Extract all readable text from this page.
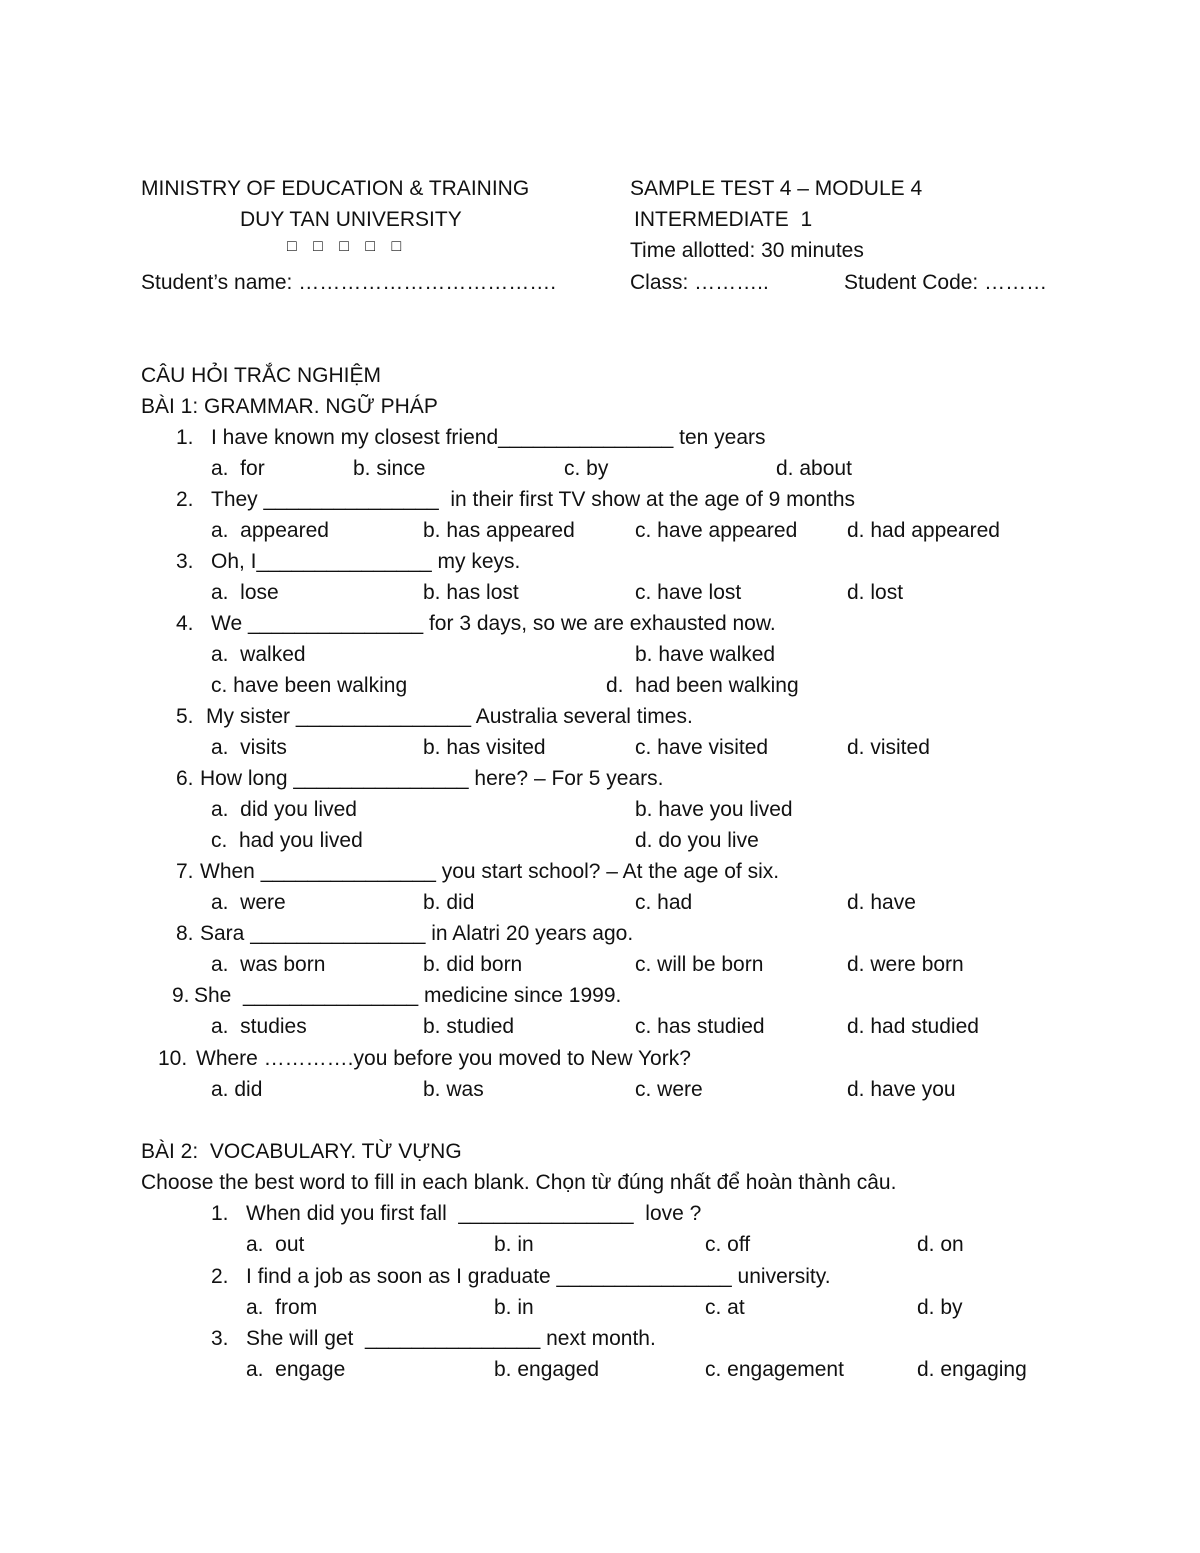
MINISTRY OF EDUCATION & TRAINING
DUY TAN UNIVERSITY
□ □ □ □ □
SAMPLE TEST 4 – MODULE 4
INTERMEDIATE  1
Time allotted: 30 minutes
Student’s name: ……………………………….	Class: ………..	Student Code: ………
CÂU HỎI TRẮC NGHIỆM
BÀI 1: GRAMMAR. NGỮ PHÁP
1. I have known my closest friend_______________ ten years
a.  for	b. since	c. by	d. about
2. They _______________  in their first TV show at the age of 9 months
a.  appeared	b. has appeared	c. have appeared d. had appeared
3. Oh, I_______________ my keys.
a.  lose	b. has lost	c. have lost	d. lost
4. We _______________ for 3 days, so we are exhausted now.
a.  walked	b. have walked
c. have been walking	d.  had been walking
5. My sister _______________ Australia several times.
a.  visits	b. has visited	c. have visited	d. visited
6. How long _______________ here? – For 5 years.
a.  did you lived	b. have you lived
c.  had you lived	d. do you live
7. When _______________ you start school? – At the age of six.
a.  were	b. did	c. had	d. have
8. Sara _______________ in Alatri 20 years ago.
a.  was born	b. did born	c. will be born	d. were born
9. She  _______________ medicine since 1999.
a.  studies	b. studied	c. has studied	d. had studied
10. Where ………….you before you moved to New York?
a. did	b. was	c. were	d. have you
BÀI 2:  VOCABULARY. TỪ VỰNG
Choose the best word to fill in each blank. Chọn từ đúng nhất để hoàn thành câu.
1. When did you first fall  _______________  love ?
a.  out	b. in	c. off	d. on
2. I find a job as soon as I graduate _______________ university.
a.  from	b. in	c. at	d. by
3. She will get  _______________ next month.
a.  engage	b. engaged	c. engagement	d. engaging
